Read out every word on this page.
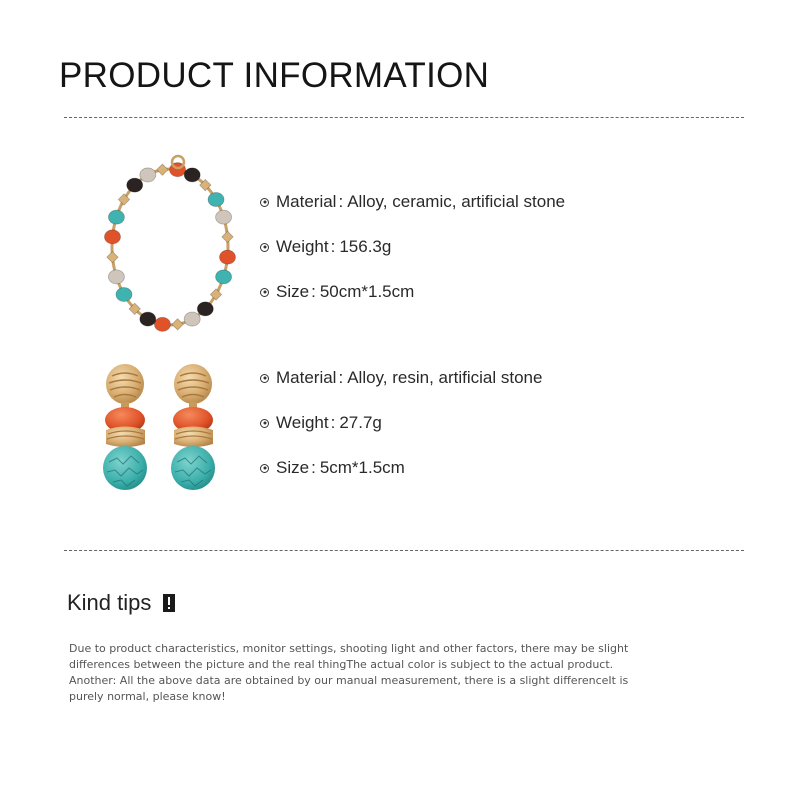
PRODUCT INFORMATION
Material : Alloy, ceramic, artificial stone
Weight : 156.3g
Size : 50cm*1.5cm
Material : Alloy, resin, artificial stone
Weight : 27.7g
Size : 5cm*1.5cm
Kind tips

Due to product characteristics, monitor settings, shooting light and other factors, there may be slight

differences between the picture and the real thingThe actual color is subject to the actual product.

Another: All the above data are obtained by our manual measurement, there is a slight differenceIt is

purely normal, please know!
